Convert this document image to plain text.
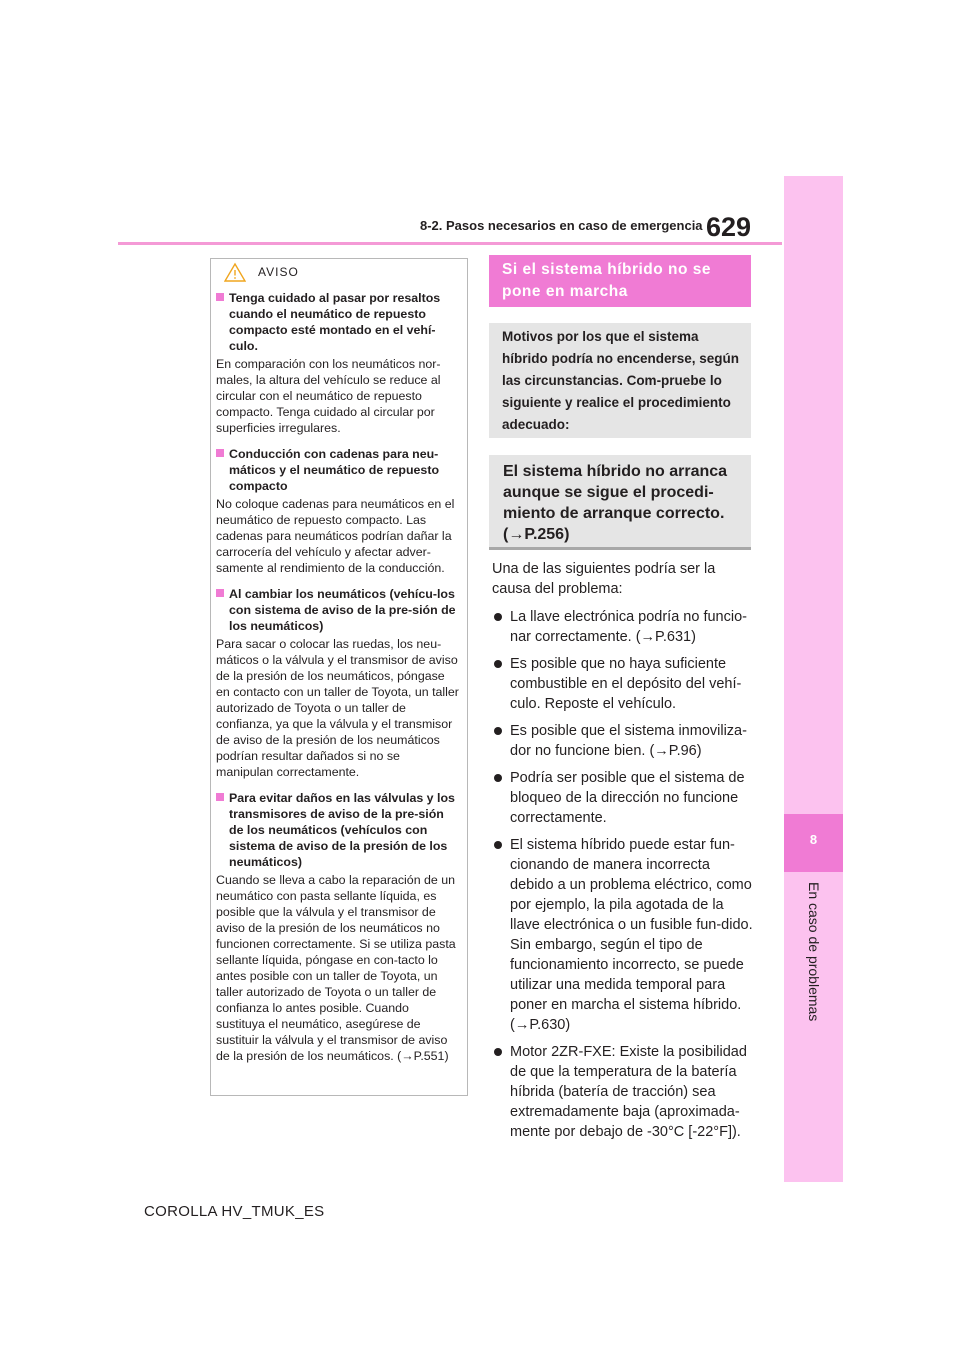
8
En caso de problemas
8-2. Pasos necesarios en caso de emergencia 629
AVISO
Tenga cuidado al pasar por resaltos cuando el neumático de repuesto compacto esté montado en el vehí-culo.

En comparación con los neumáticos nor-males, la altura del vehículo se reduce al circular con el neumático de repuesto compacto. Tenga cuidado al circular por superficies irregulares.

Conducción con cadenas para neu-máticos y el neumático de repuesto compacto

No coloque cadenas para neumáticos en el neumático de repuesto compacto. Las cadenas para neumáticos podrían dañar la carrocería del vehículo y afectar adver-samente al rendimiento de la conducción.

Al cambiar los neumáticos (vehícu-los con sistema de aviso de la pre-sión de los neumáticos)

Para sacar o colocar las ruedas, los neu-máticos o la válvula y el transmisor de aviso de la presión de los neumáticos, póngase en contacto con un taller de Toyota, un taller autorizado de Toyota o un taller de confianza, ya que la válvula y el transmisor de aviso de la presión de los neumáticos podrían resultar dañados si no se manipulan correctamente.

Para evitar daños en las válvulas y los transmisores de aviso de la pre-sión de los neumáticos (vehículos con sistema de aviso de la presión de los neumáticos)

Cuando se lleva a cabo la reparación de un neumático con pasta sellante líquida, es posible que la válvula y el transmisor de aviso de la presión de los neumáticos no funcionen correctamente. Si se utiliza pasta sellante líquida, póngase en con-tacto lo antes posible con un taller de Toyota, un taller autorizado de Toyota o un taller de confianza lo antes posible. Cuando sustituya el neumático, asegúrese de sustituir la válvula y el transmisor de aviso de la presión de los neumáticos. (→P.551)

Si el sistema híbrido no se pone en marcha
Motivos por los que el sistema híbrido podría no encenderse, según las circunstancias. Com-pruebe lo siguiente y realice el procedimiento adecuado:
El sistema híbrido no arranca aunque se sigue el procedi-miento de arranque correcto. (→P.256)

Una de las siguientes podría ser la causa del problema:

La llave electrónica podría no funcio-nar correctamente. (→P.631)
Es posible que no haya suficiente combustible en el depósito del vehí-culo. Reposte el vehículo.
Es posible que el sistema inmoviliza-dor no funcione bien. (→P.96)
Podría ser posible que el sistema de bloqueo de la dirección no funcione correctamente.
El sistema híbrido puede estar fun-cionando de manera incorrecta debido a un problema eléctrico, como por ejemplo, la pila agotada de la llave electrónica o un fusible fun-dido. Sin embargo, según el tipo de funcionamiento incorrecto, se puede utilizar una medida temporal para poner en marcha el sistema híbrido. (→P.630)
Motor 2ZR-FXE: Existe la posibilidad de que la temperatura de la batería híbrida (batería de tracción) sea extremadamente baja (aproximada-mente por debajo de -30°C [-22°F]).
COROLLA HV_TMUK_ES
